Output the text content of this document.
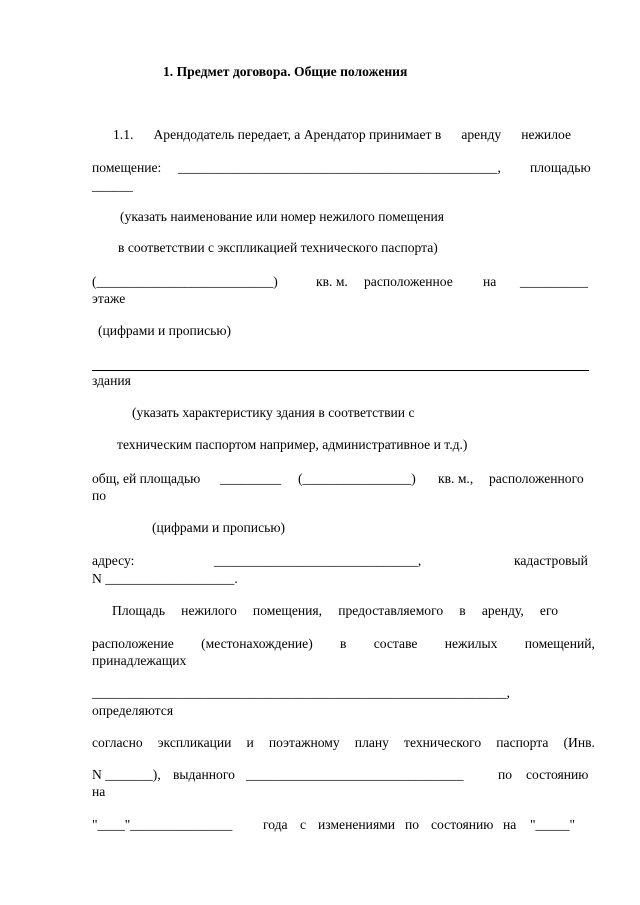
1. Предмет договора. Общие положения
1.1. Арендодатель передает, а Арендатор принимает в аренду нежилое
помещение: _______________________________________________, площадью
______
(указать наименование или номер нежилого помещения
в соответствии с экспликацией технического паспорта)
(__________________________)	кв. м. расположенное на __________
этаже
(цифрами и прописью)
здания
(указать характеристику здания в соответствии с
техническим паспортом например, административное и т.д.)
общ, ей площадью _________ (________________) кв. м., расположенного
по
(цифрами и прописью)
адресу:	______________________________,	кадастровый
N ___________________.
Площадь нежилого помещения, предоставляемого в аренду, его
расположение (местонахождение) в составе нежилых помещений,
принадлежащих
_____________________________________________________________,
определяются
согласно экспликации и поэтажному плану технического паспорта (Инв.
N _______), выданного ________________________________	по состоянию
на
"____"_______________ года с изменениями по состоянию на "_____"
